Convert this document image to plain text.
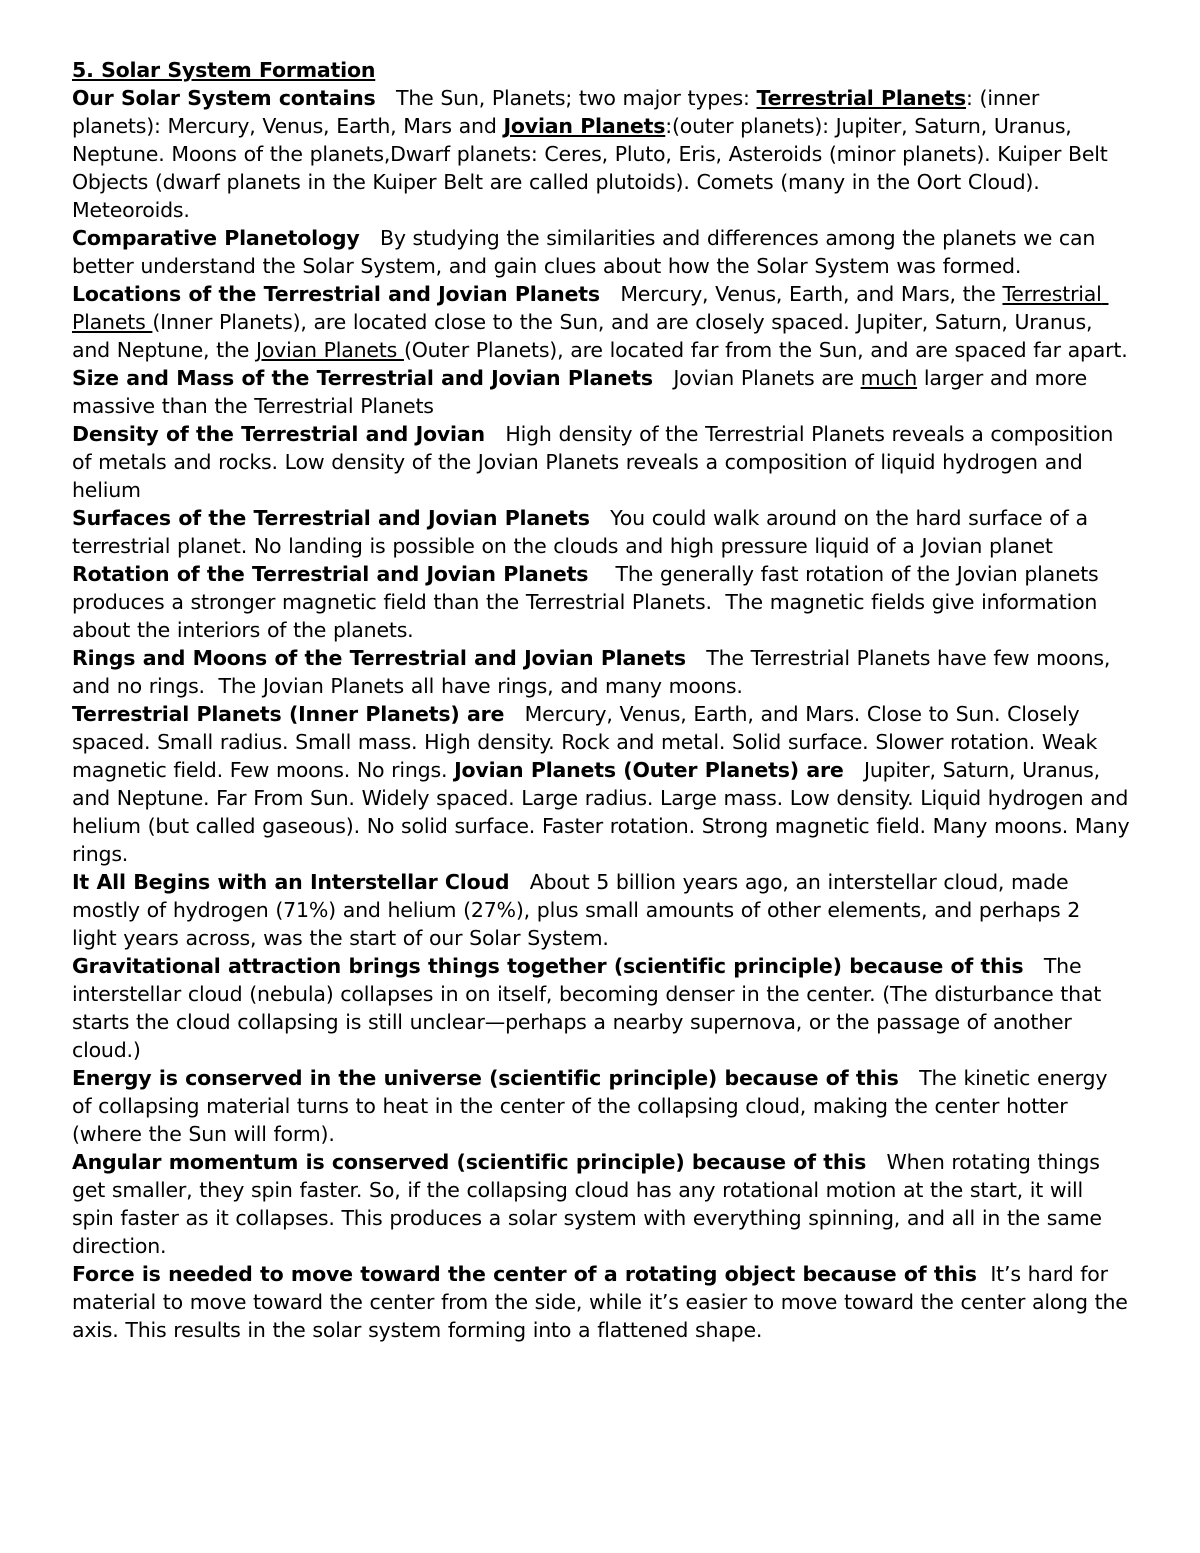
5. Solar System Formation

Our Solar System contains   The Sun, Planets; two major types: Terrestrial Planets: (inner planets): Mercury, Venus, Earth, Mars and Jovian Planets:(outer planets): Jupiter, Saturn, Uranus, Neptune. Moons of the planets,Dwarf planets: Ceres, Pluto, Eris, Asteroids (minor planets). Kuiper Belt Objects (dwarf planets in the Kuiper Belt are called plutoids). Comets (many in the Oort Cloud). Meteoroids.

Comparative Planetology   By studying the similarities and differences among the planets we can better understand the Solar System, and gain clues about how the Solar System was formed.

Locations of the Terrestrial and Jovian Planets   Mercury, Venus, Earth, and Mars, the Terrestrial Planets (Inner Planets), are located close to the Sun, and are closely spaced. Jupiter, Saturn, Uranus, and Neptune, the Jovian Planets (Outer Planets), are located far from the Sun, and are spaced far apart.

Size and Mass of the Terrestrial and Jovian Planets   Jovian Planets are much larger and more massive than the Terrestrial Planets

Density of the Terrestrial and Jovian   High density of the Terrestrial Planets reveals a composition of metals and rocks. Low density of the Jovian Planets reveals a composition of liquid hydrogen and helium

Surfaces of the Terrestrial and Jovian Planets   You could walk around on the hard surface of a terrestrial planet. No landing is possible on the clouds and high pressure liquid of a Jovian planet

Rotation of the Terrestrial and Jovian Planets    The generally fast rotation of the Jovian planets produces a stronger magnetic field than the Terrestrial Planets.  The magnetic fields give information about the interiors of the planets.

Rings and Moons of the Terrestrial and Jovian Planets   The Terrestrial Planets have few moons, and no rings.  The Jovian Planets all have rings, and many moons.

Terrestrial Planets (Inner Planets) are   Mercury, Venus, Earth, and Mars. Close to Sun. Closely spaced. Small radius. Small mass. High density. Rock and metal. Solid surface. Slower rotation. Weak magnetic field. Few moons. No rings. Jovian Planets (Outer Planets) are   Jupiter, Saturn, Uranus, and Neptune. Far From Sun. Widely spaced. Large radius. Large mass. Low density. Liquid hydrogen and helium (but called gaseous). No solid surface. Faster rotation. Strong magnetic field. Many moons. Many rings.

It All Begins with an Interstellar Cloud   About 5 billion years ago, an interstellar cloud, made mostly of hydrogen (71%) and helium (27%), plus small amounts of other elements, and perhaps 2 light years across, was the start of our Solar System.

Gravitational attraction brings things together (scientific principle) because of this   The interstellar cloud (nebula) collapses in on itself, becoming denser in the center. (The disturbance that starts the cloud collapsing is still unclear—perhaps a nearby supernova, or the passage of another cloud.)

Energy is conserved in the universe (scientific principle) because of this   The kinetic energy of collapsing material turns to heat in the center of the collapsing cloud, making the center hotter (where the Sun will form).

Angular momentum is conserved (scientific principle) because of this   When rotating things get smaller, they spin faster. So, if the collapsing cloud has any rotational motion at the start, it will spin faster as it collapses. This produces a solar system with everything spinning, and all in the same direction.

Force is needed to move toward the center of a rotating object because of this  It’s hard for material to move toward the center from the side, while it’s easier to move toward the center along the axis. This results in the solar system forming into a flattened shape.
